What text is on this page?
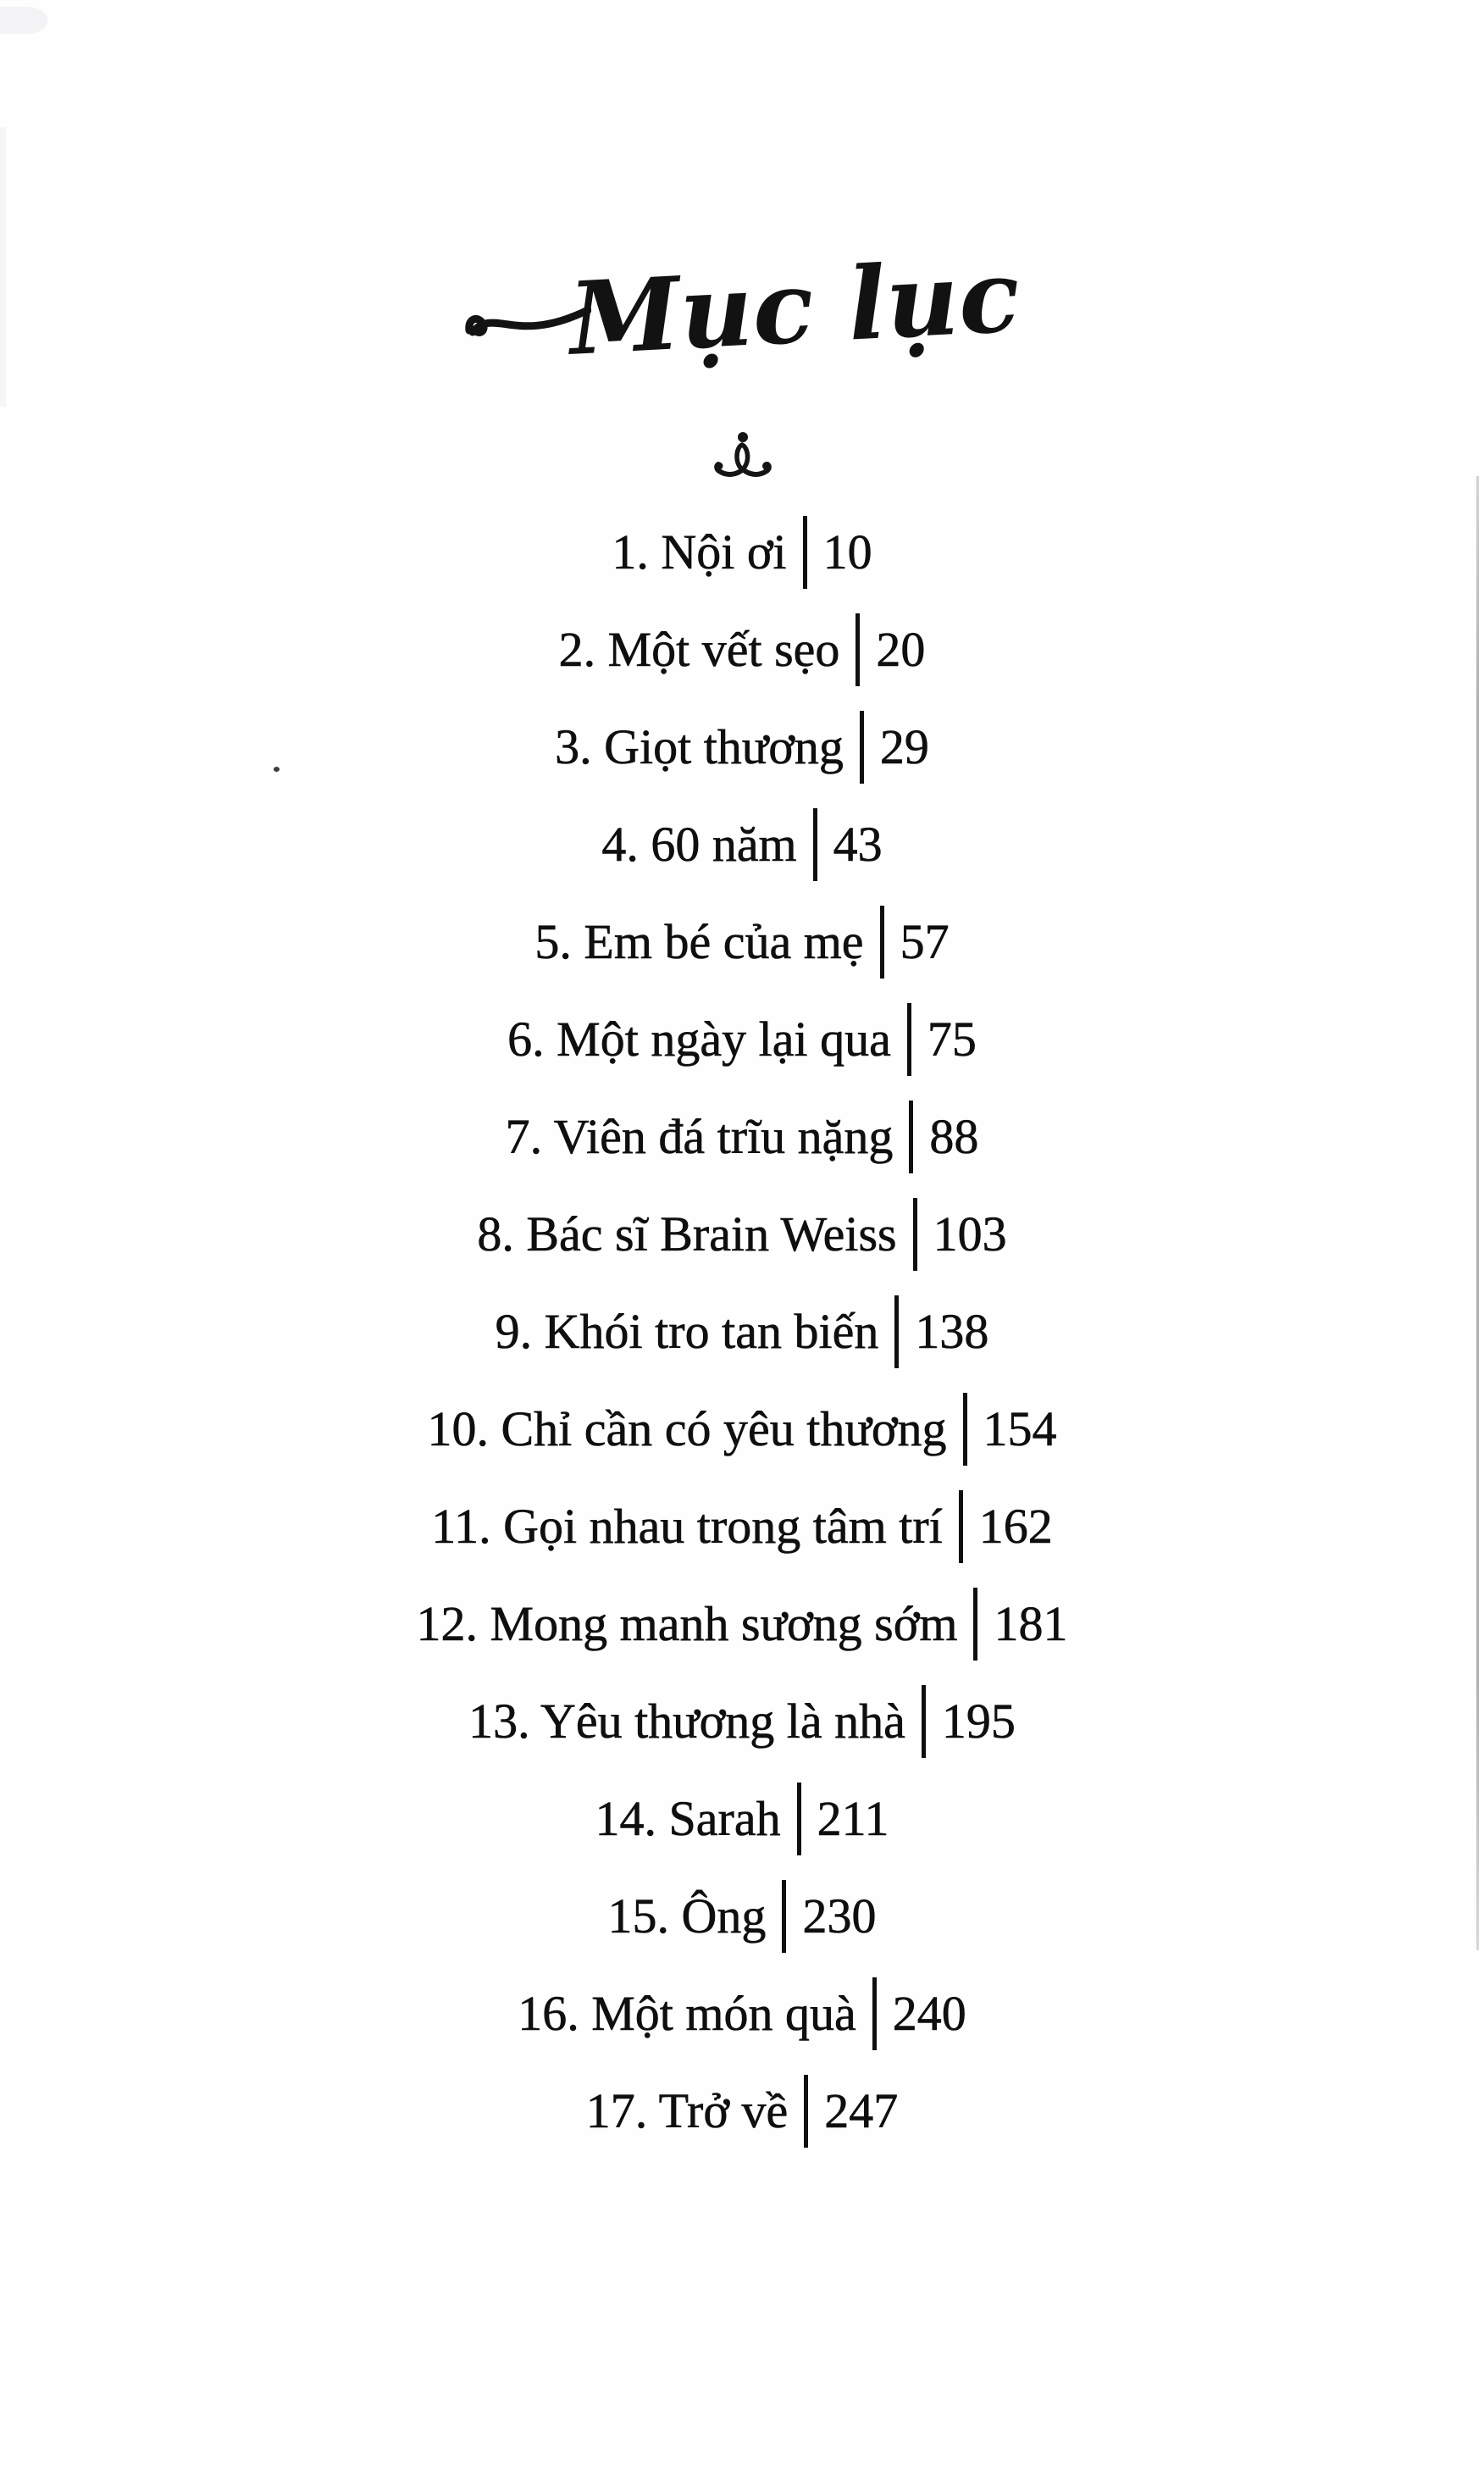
Mục lục
1. Nội ơi 10
2. Một vết sẹo 20
3. Giọt thương 29
4. 60 năm 43
5. Em bé của mẹ 57
6. Một ngày lại qua 75
7. Viên đá trĩu nặng 88
8. Bác sĩ Brain Weiss 103
9. Khói tro tan biến 138
10. Chỉ cần có yêu thương 154
11. Gọi nhau trong tâm trí 162
12. Mong manh sương sớm 181
13. Yêu thương là nhà 195
14. Sarah 211
15. Ông 230
16. Một món quà 240
17. Trở về 247
